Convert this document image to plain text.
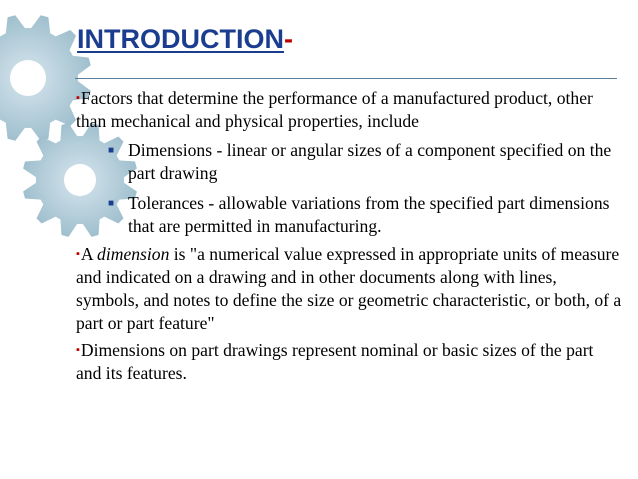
INTRODUCTION-

▪Factors that determine the performance of a manufactured product, other than mechanical and physical properties, include

■ Dimensions - linear or angular sizes of a component specified on the part drawing

■ Tolerances - allowable variations from the specified part dimensions that are permitted in manufacturing.

▪A dimension is "a numerical value expressed in appropriate units of measure and indicated on a drawing and in other documents along with lines, symbols, and notes to define the size or geometric characteristic, or both, of a part or part feature"

▪Dimensions on part drawings represent nominal or basic sizes of the part and its features.
